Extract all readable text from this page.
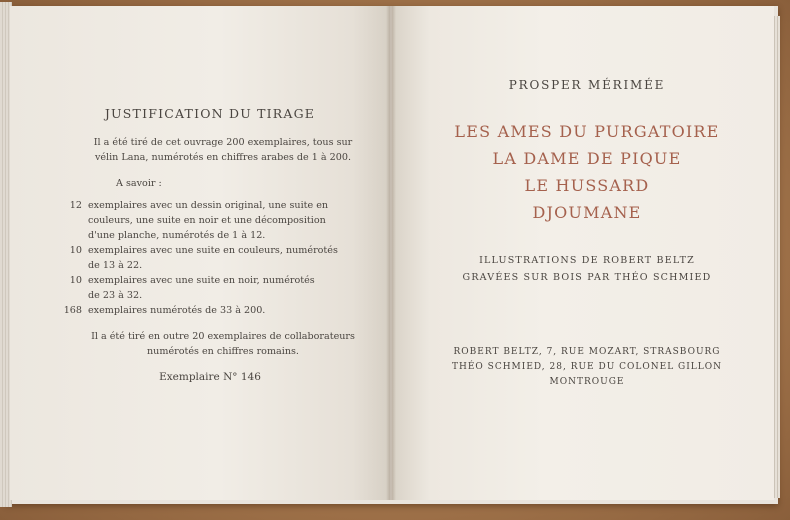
JUSTIFICATION DU TIRAGE
Il a été tiré de cet ouvrage 200 exemplaires, tous sur
vélin Lana, numérotés en chiffres arabes de 1 à 200.
A savoir :
12 exemplaires avec un dessin original, une suite en
couleurs, une suite en noir et une décomposition
d'une planche, numérotés de 1 à 12.
10 exemplaires avec une suite en couleurs, numérotés
de 13 à 22.
10 exemplaires avec une suite en noir, numérotés
de 23 à 32.
168 exemplaires numérotés de 33 à 200.
Il a été tiré en outre 20 exemplaires de collaborateurs
numérotés en chiffres romains.
Exemplaire N° 146
PROSPER MÉRIMÉE
LES AMES DU PURGATOIRE
LA DAME DE PIQUE
LE HUSSARD
DJOUMANE
ILLUSTRATIONS DE ROBERT BELTZ
GRAVÉES SUR BOIS PAR THÉO SCHMIED
ROBERT BELTZ, 7, RUE MOZART, STRASBOURG
THÉO SCHMIED, 28, RUE DU COLONEL GILLON
MONTROUGE
